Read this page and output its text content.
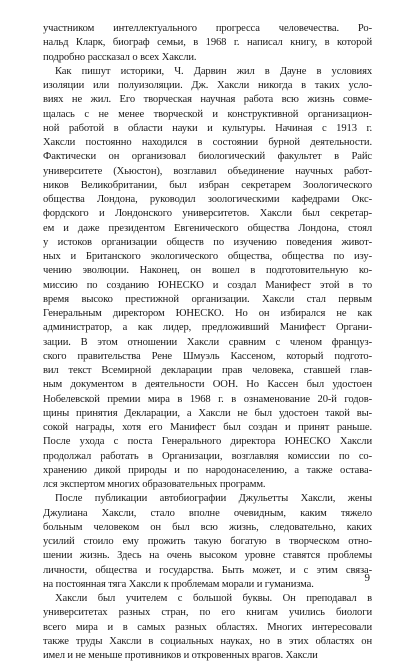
участником интеллектуального прогресса человечества. Ро-
нальд Кларк, биограф семьи, в 1968 г. написал книгу, в которой
подробно рассказал о всех Хаксли.
Как пишут историки, Ч. Дарвин жил в Дауне в условиях
изоляции или полуизоляции. Дж. Хаксли никогда в таких усло-
виях не жил. Его творческая научная работа всю жизнь совме-
щалась с не менее творческой и конструктивной организацион-
ной работой в области науки и культуры. Начиная с 1913 г.
Хаксли постоянно находился в состоянии бурной деятельности.
Фактически он организовал биологический факультет в Райс
университете (Хьюстон), возглавил объединение научных работ-
ников Великобритании, был избран секретарем Зоологического
общества Лондона, руководил зоологическими кафедрами Окс-
фордского и Лондонского университетов. Хаксли был секретар-
ем и даже президентом Евгенического общества Лондона, стоял
у истоков организации обществ по изучению поведения живот-
ных и Британского экологического общества, общества по изу-
чению эволюции. Наконец, он вошел в подготовительную ко-
миссию по созданию ЮНЕСКО и создал Манифест этой в то
время высоко престижной организации. Хаксли стал первым
Генеральным директором ЮНЕСКО. Но он избирался не как
администратор, а как лидер, предложивший Манифест Органи-
зации. В этом отношении Хаксли сравним с членом француз-
ского правительства Рене Шмуэль Кассеном, который подгото-
вил текст Всемирной декларации прав человека, ставшей глав-
ным документом в деятельности ООН. Но Кассен был удостоен
Нобелевской премии мира в 1968 г. в ознаменование 20-й годов-
щины принятия Декларации, а Хаксли не был удостоен такой вы-
сокой награды, хотя его Манифест был создан и принят раньше.
После ухода с поста Генерального директора ЮНЕСКО Хаксли
продолжал работать в Организации, возглавляя комиссии по со-
хранению дикой природы и по народонаселению, а также остава-
лся экспертом многих образовательных программ.
После публикации автобиографии Джульетты Хаксли, жены
Джулиана Хаксли, стало вполне очевидным, каким тяжело
больным человеком он был всю жизнь, следовательно, каких
усилий стоило ему прожить такую богатую в творческом отно-
шении жизнь. Здесь на очень высоком уровне ставятся проблемы
личности, общества и государства. Быть может, и с этим связа-
на постоянная тяга Хаксли к проблемам морали и гуманизма.
Хаксли был учителем с большой буквы. Он преподавал в
университетах разных стран, по его книгам учились биологи
всего мира и в самых разных областях. Многих интересовали
также труды Хаксли в социальных науках, но в этих областях он
имел и не меньше противников и откровенных врагов. Хаксли
9
